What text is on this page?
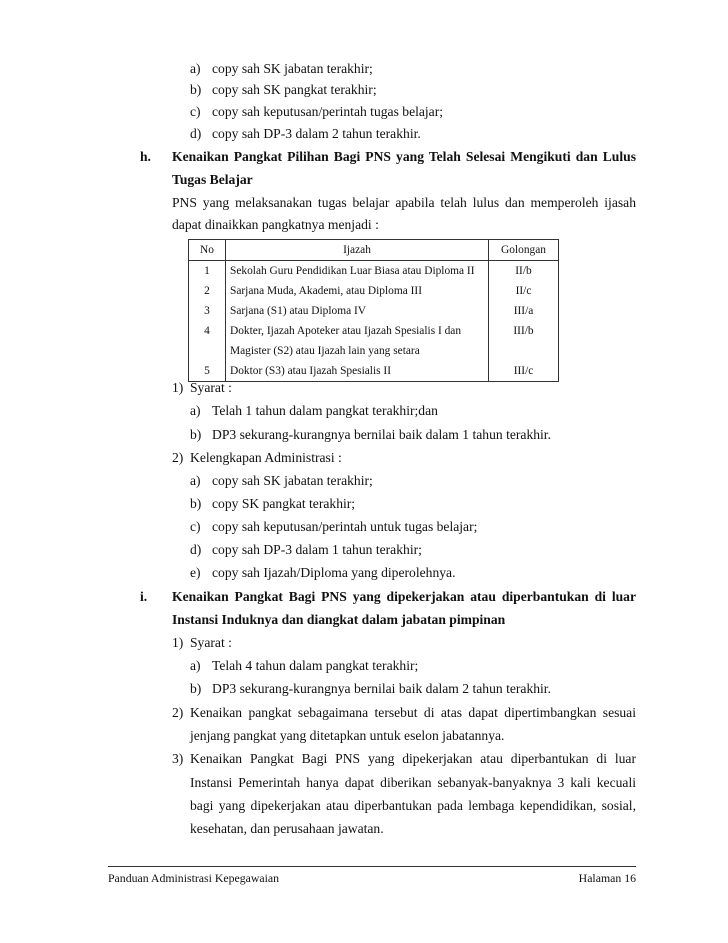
a) copy sah SK jabatan terakhir;
b) copy sah SK pangkat terakhir;
c) copy sah keputusan/perintah tugas belajar;
d) copy sah DP-3 dalam 2 tahun terakhir.
h. Kenaikan Pangkat Pilihan Bagi PNS yang Telah Selesai Mengikuti dan Lulus
Tugas Belajar
PNS yang melaksanakan tugas belajar apabila telah lulus dan memperoleh ijasah
dapat dinaikkan pangkatnya menjadi :
No	Ijazah	Golongan
1	Sekolah Guru Pendidikan Luar Biasa atau Diploma II	II/b
2	Sarjana Muda, Akademi, atau Diploma III	II/c
3	Sarjana (S1) atau Diploma IV	III/a
4	Dokter, Ijazah Apoteker atau Ijazah Spesialis I dan	III/b
	Magister (S2) atau Ijazah lain yang setara	
5	Doktor (S3) atau Ijazah Spesialis II	III/c
1) Syarat :
a) Telah 1 tahun dalam pangkat terakhir;dan
b) DP3 sekurang-kurangnya bernilai baik dalam 1 tahun terakhir.
2) Kelengkapan Administrasi :
a) copy sah SK jabatan terakhir;
b) copy SK pangkat terakhir;
c) copy sah keputusan/perintah untuk tugas belajar;
d) copy sah DP-3 dalam 1 tahun terakhir;
e) copy sah Ijazah/Diploma yang diperolehnya.
i. Kenaikan Pangkat Bagi PNS yang dipekerjakan atau diperbantukan di luar
Instansi Induknya dan diangkat dalam jabatan pimpinan
1) Syarat :
a) Telah 4 tahun dalam pangkat terakhir;
b) DP3 sekurang-kurangnya bernilai baik dalam 2 tahun terakhir.
2) Kenaikan pangkat sebagaimana tersebut di atas dapat dipertimbangkan sesuai
jenjang pangkat yang ditetapkan untuk eselon jabatannya.
3) Kenaikan Pangkat Bagi PNS yang dipekerjakan atau diperbantukan di luar
Instansi Pemerintah hanya dapat diberikan sebanyak-banyaknya 3 kali kecuali
bagi yang dipekerjakan atau diperbantukan pada lembaga kependidikan, sosial,
kesehatan, dan perusahaan jawatan.
Panduan Administrasi Kepegawaian	Halaman 16
